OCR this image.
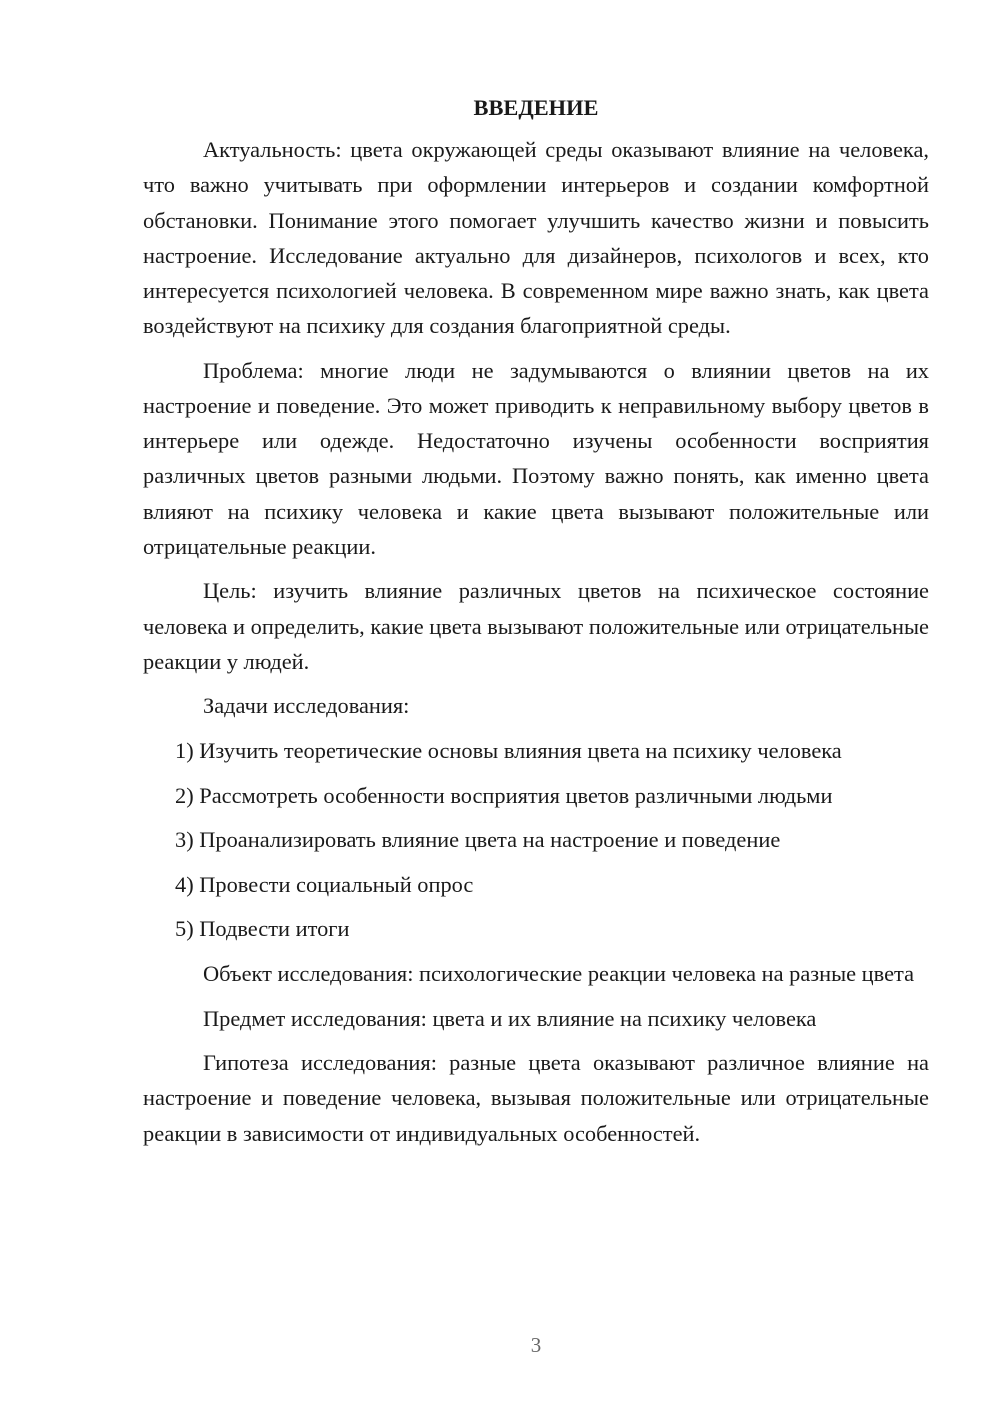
ВВЕДЕНИЕ

Актуальность: цвета окружающей среды оказывают влияние на человека, что важно учитывать при оформлении интерьеров и создании комфортной обстановки. Понимание этого помогает улучшить качество жизни и повысить настроение. Исследование актуально для дизайнеров, психологов и всех, кто интересуется психологией человека. В современном мире важно знать, как цвета воздействуют на психику для создания благоприятной среды.

Проблема: многие люди не задумываются о влиянии цветов на их настроение и поведение. Это может приводить к неправильному выбору цветов в интерьере или одежде. Недостаточно изучены особенности восприятия различных цветов разными людьми. Поэтому важно понять, как именно цвета влияют на психику человека и какие цвета вызывают положительные или отрицательные реакции.

Цель: изучить влияние различных цветов на психическое состояние человека и определить, какие цвета вызывают положительные или отрицательные реакции у людей.

Задачи исследования:

1) Изучить теоретические основы влияния цвета на психику человека
2) Рассмотреть особенности восприятия цветов различными людьми
3) Проанализировать влияние цвета на настроение и поведение
4) Провести социальный опрос
5) Подвести итоги

Объект исследования: психологические реакции человека на разные цвета

Предмет исследования: цвета и их влияние на психику человека

Гипотеза исследования: разные цвета оказывают различное влияние на настроение и поведение человека, вызывая положительные или отрицательные реакции в зависимости от индивидуальных особенностей.

3
